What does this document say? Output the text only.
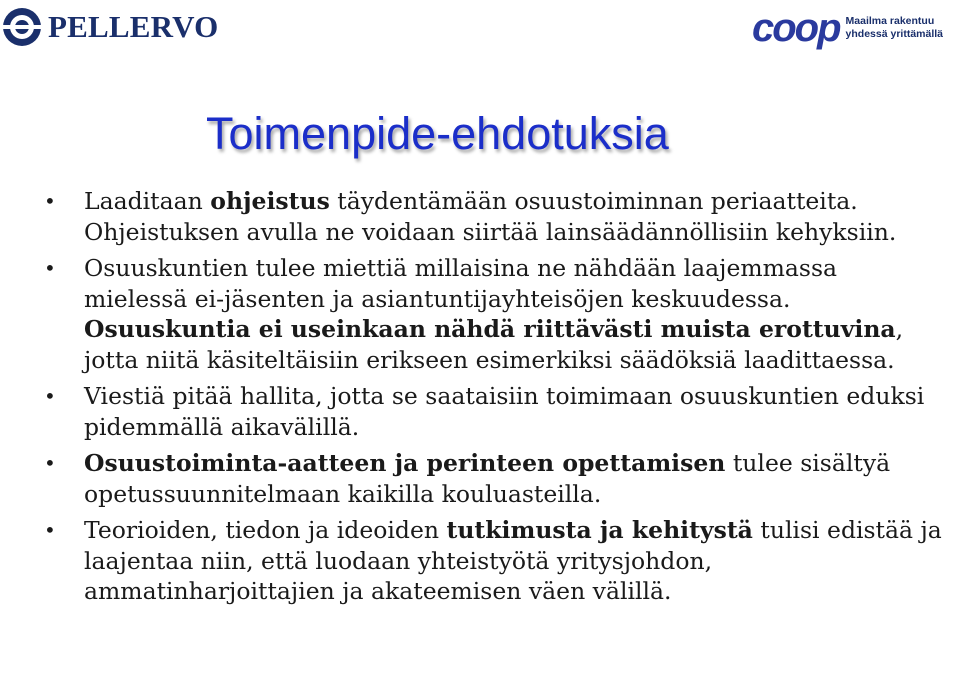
PELLERVO	coop Maailma rakentuu
yhdessä yrittämällä
Toimenpide-ehdotuksia
• Laaditaan ohjeistus täydentämään osuustoiminnan periaatteita. Ohjeistuksen avulla ne voidaan siirtää lainsäädännöllisiin kehyksiin.
• Osuuskuntien tulee miettiä millaisina ne nähdään laajemmassa mielessä ei-jäsenten ja asiantuntijayhteisöjen keskuudessa. Osuuskuntia ei useinkaan nähdä riittävästi muista erottuvina, jotta niitä käsiteltäisiin erikseen esimerkiksi säädöksiä laadittaessa.
• Viestiä pitää hallita, jotta se saataisiin toimimaan osuuskuntien eduksi pidemmällä aikavälillä.
• Osuustoiminta-aatteen ja perinteen opettamisen tulee sisältyä opetussuunnitelmaan kaikilla kouluasteilla.
• Teorioiden, tiedon ja ideoiden tutkimusta ja kehitystä tulisi edistää ja laajentaa niin, että luodaan yhteistyötä yritysjohdon, ammatinharjoittajien ja akateemisen väen välillä.
